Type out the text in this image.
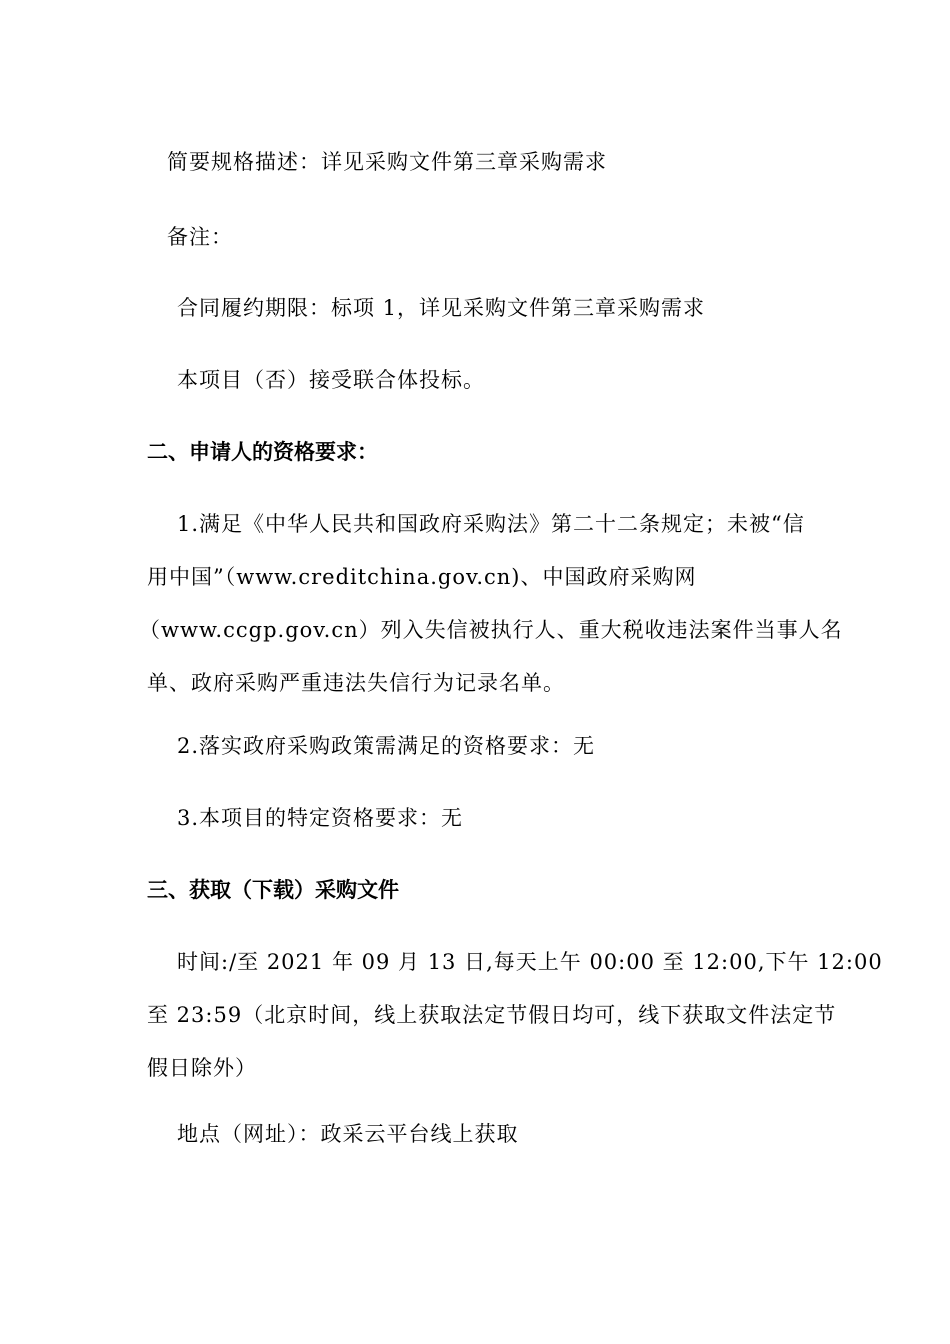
简要规格描述：详见采购文件第三章采购需求
备注：
合同履约期限：标项 1，详见采购文件第三章采购需求
本项目（否）接受联合体投标。
二、申请人的资格要求：
1.满足《中华人民共和国政府采购法》第二十二条规定；未被“信
用中国”（www.creditchina.gov.cn)、中国政府采购网
（www.ccgp.gov.cn）列入失信被执行人、重大税收违法案件当事人名
单、政府采购严重违法失信行为记录名单。
2.落实政府采购政策需满足的资格要求：无
3.本项目的特定资格要求：无
三、获取（下载）采购文件
时间:/至 2021 年 09 月 13 日,每天上午 00:00 至 12:00,下午 12:00
至 23:59（北京时间，线上获取法定节假日均可，线下获取文件法定节
假日除外）
地点（网址）：政采云平台线上获取
